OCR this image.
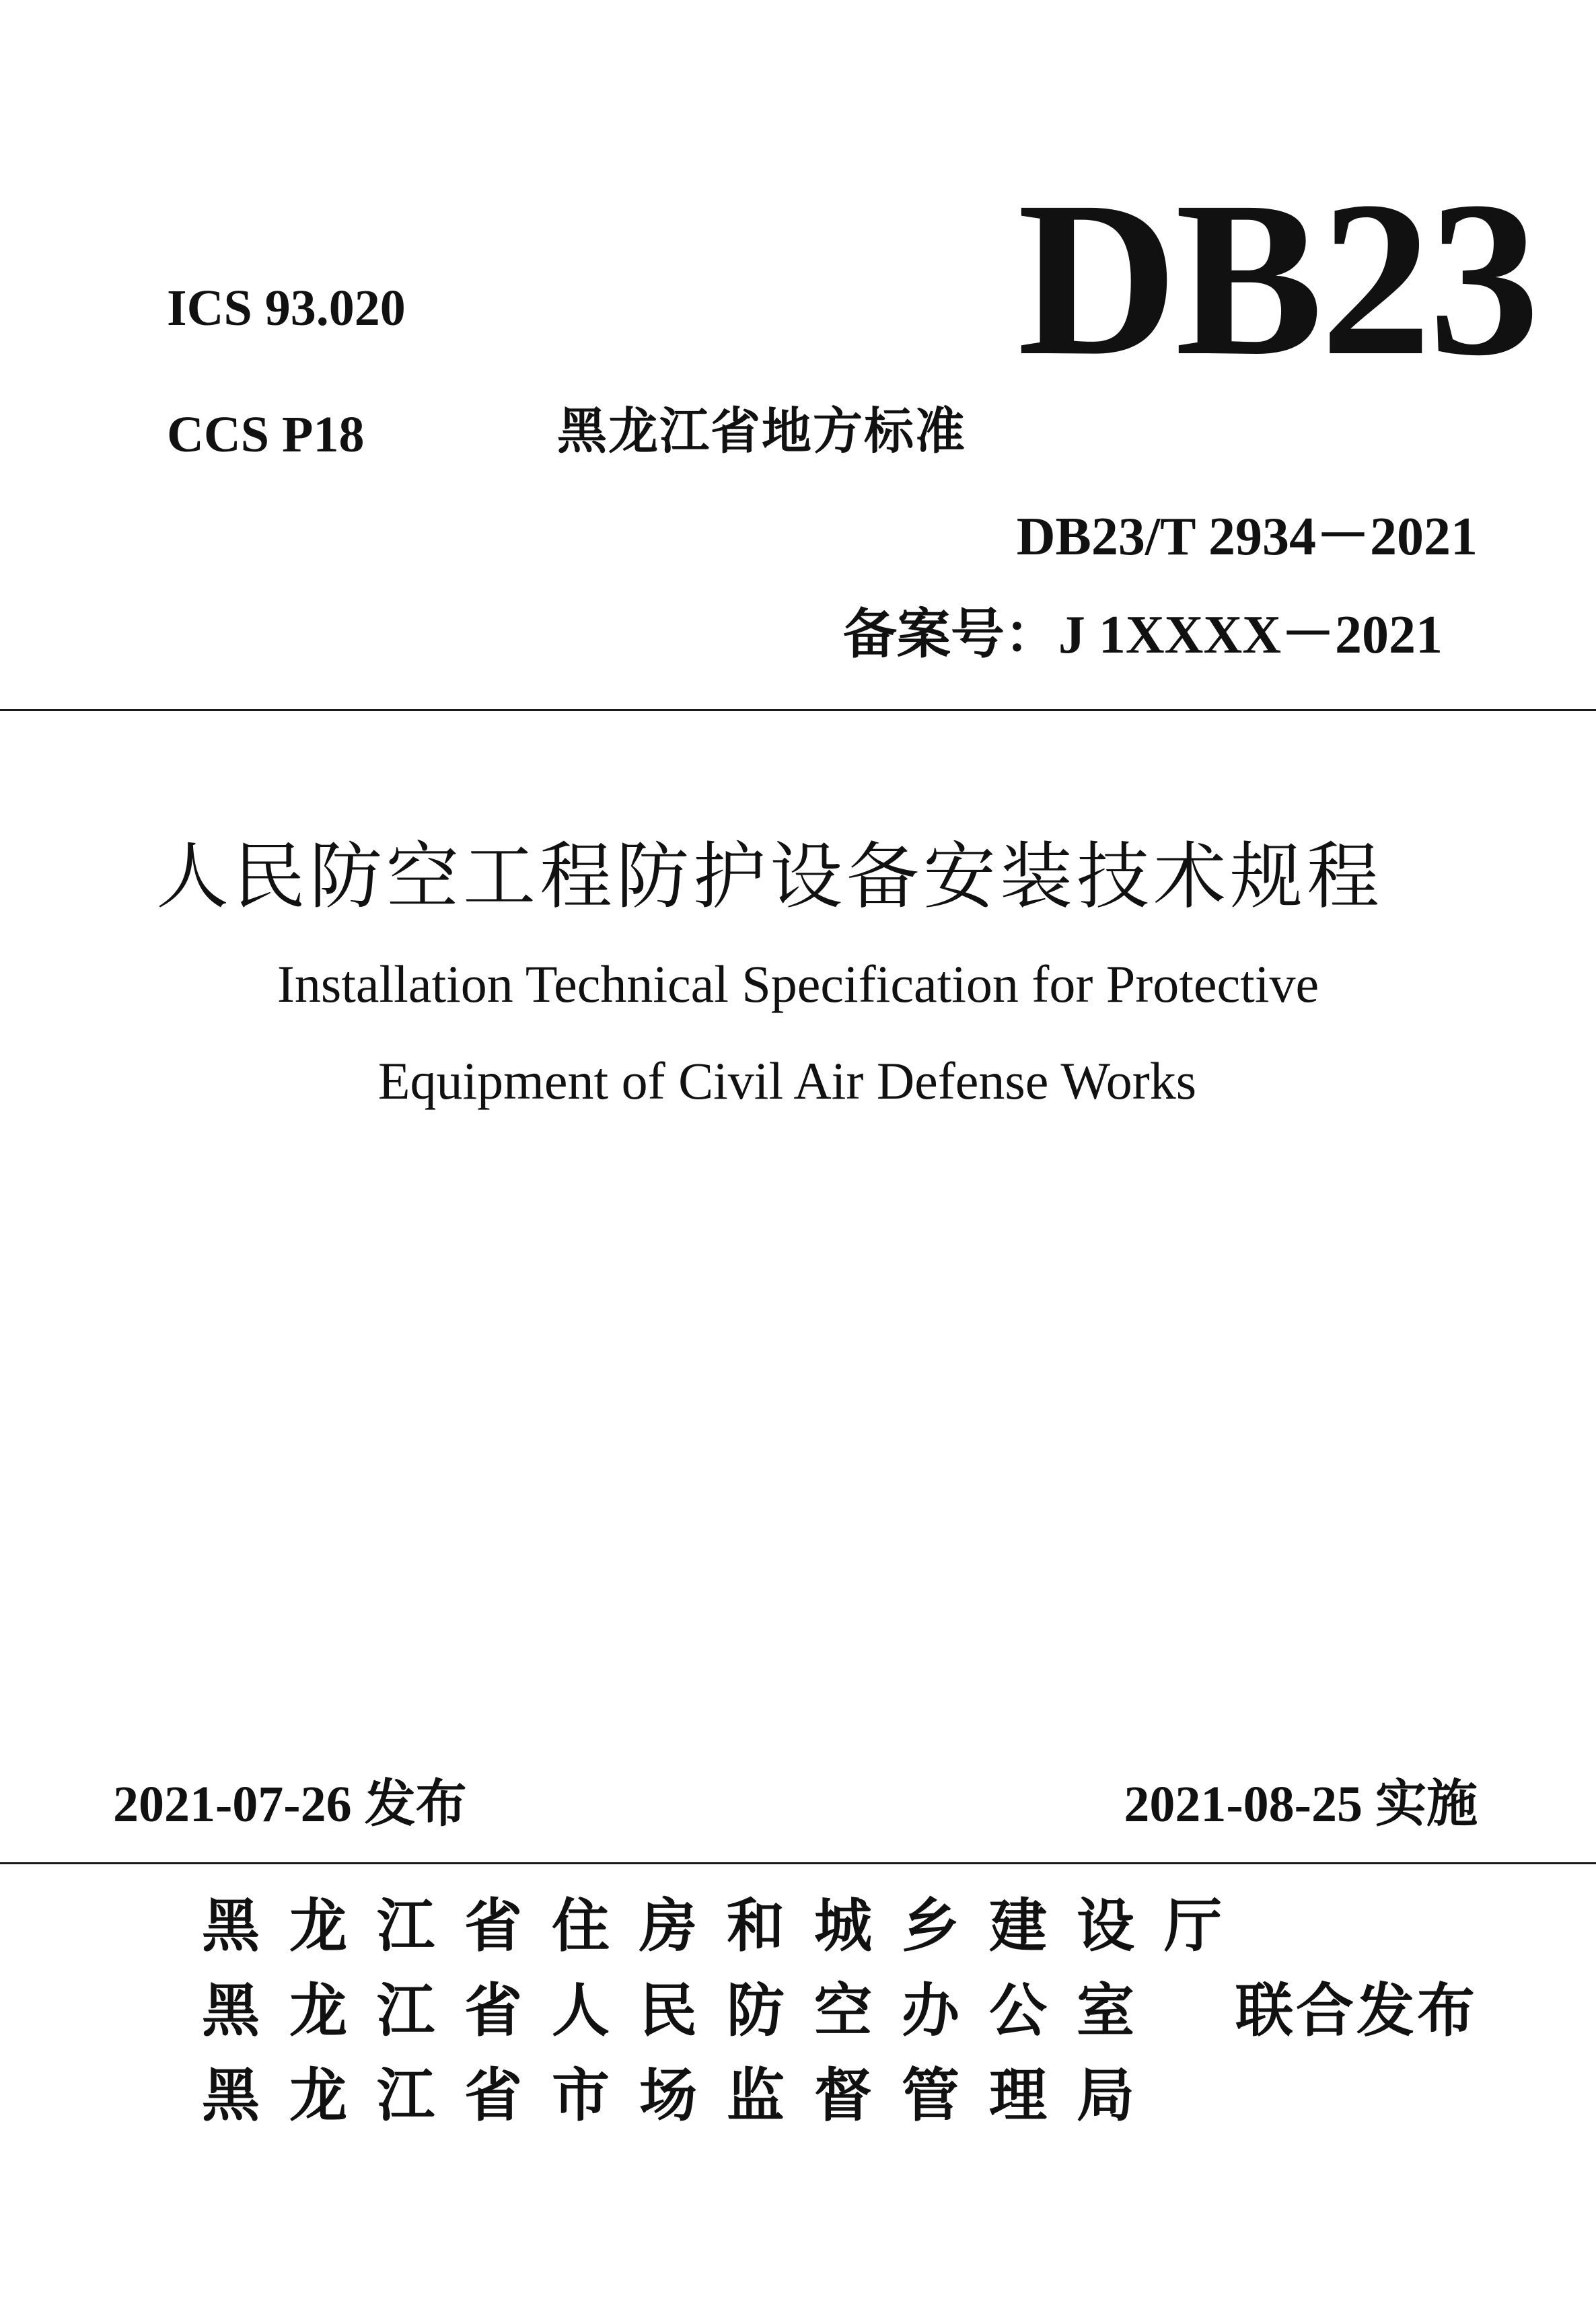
ICS 93.020	DB23
CCS P18	黑龙江省地方标准
DB23/T 2934－2021
备案号：J 1XXXX－2021
人民防空工程防护设备安装技术规程
Installation Technical Specification for Protective
Equipment of Civil Air Defense Works
2021-07-26 发布	2021-08-25 实施
黑龙江省住房和城乡建设厅
黑龙江省人民防空办公室
黑龙江省市场监督管理局
联合发布
